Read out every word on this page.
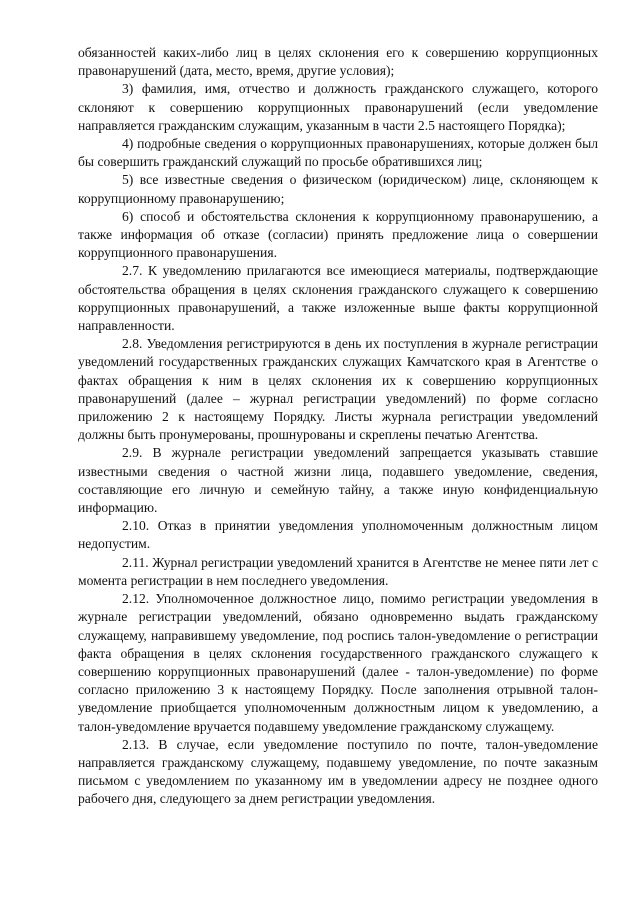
обязанностей каких-либо лиц в целях склонения его к совершению коррупционных правонарушений (дата, место, время, другие условия);

3) фамилия, имя, отчество и должность гражданского служащего, которого склоняют к совершению коррупционных правонарушений (если уведомление направляется гражданским служащим, указанным в части 2.5 настоящего Порядка);

4) подробные сведения о коррупционных правонарушениях, которые должен был бы совершить гражданский служащий по просьбе обратившихся лиц;

5) все известные сведения о физическом (юридическом) лице, склоняющем к коррупционному правонарушению;

6) способ и обстоятельства склонения к коррупционному правонарушению, а также информация об отказе (согласии) принять предложение лица о совершении коррупционного правонарушения.

2.7. К уведомлению прилагаются все имеющиеся материалы, подтверждающие обстоятельства обращения в целях склонения гражданского служащего к совершению коррупционных правонарушений, а также изложенные выше факты коррупционной направленности.

2.8. Уведомления регистрируются в день их поступления в журнале регистрации уведомлений государственных гражданских служащих Камчатского края в Агентстве о фактах обращения к ним в целях склонения их к совершению коррупционных правонарушений (далее – журнал регистрации уведомлений) по форме согласно приложению 2 к настоящему Порядку. Листы журнала регистрации уведомлений должны быть пронумерованы, прошнурованы и скреплены печатью Агентства.

2.9. В журнале регистрации уведомлений запрещается указывать ставшие известными сведения о частной жизни лица, подавшего уведомление, сведения, составляющие его личную и семейную тайну, а также иную конфиденциальную информацию.

2.10. Отказ в принятии уведомления уполномоченным должностным лицом недопустим.

2.11. Журнал регистрации уведомлений хранится в Агентстве не менее пяти лет с момента регистрации в нем последнего уведомления.

2.12. Уполномоченное должностное лицо, помимо регистрации уведомления в журнале регистрации уведомлений, обязано одновременно выдать гражданскому служащему, направившему уведомление, под роспись талон-уведомление о регистрации факта обращения в целях склонения государственного гражданского служащего к совершению коррупционных правонарушений (далее - талон-уведомление) по форме согласно приложению 3 к настоящему Порядку. После заполнения отрывной талон-уведомление приобщается уполномоченным должностным лицом к уведомлению, а талон-уведомление вручается подавшему уведомление гражданскому служащему.

2.13. В случае, если уведомление поступило по почте, талон-уведомление направляется гражданскому служащему, подавшему уведомление, по почте заказным письмом с уведомлением по указанному им в уведомлении адресу не позднее одного рабочего дня, следующего за днем регистрации уведомления.
